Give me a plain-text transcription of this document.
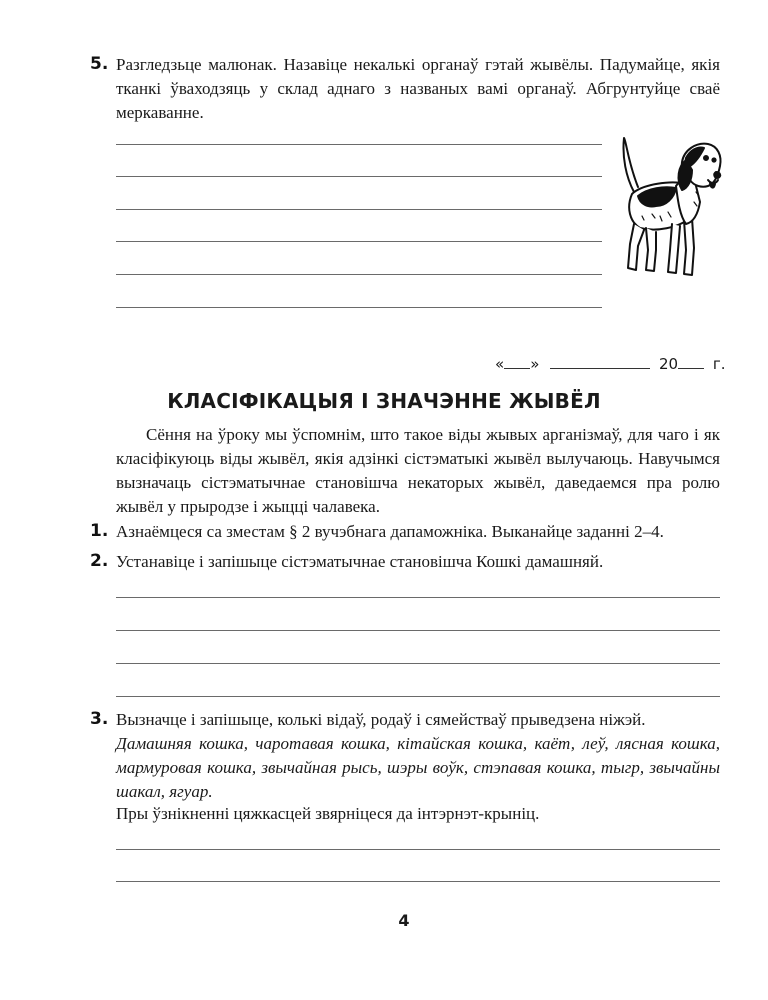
5. Разгледзьце малюнак. Назавіце некалькі органаў гэтай жывёлы. Падумайце, якія тканкі ўваходзяць у склад аднаго з названых вамі органаў. Абгрунтуйце сваё меркаванне.
« »	20 г.
КЛАСІФІКАЦЫЯ І ЗНАЧЭННЕ ЖЫВЁЛ
Сёння на ўроку мы ўспомнім, што такое віды жывых арганізмаў, для чаго і як класіфікуюць віды жывёл, якія адзінкі сістэматыкі жывёл вылучаюць. Навучымся вызначаць сістэматычнае становішча некаторых жывёл, даведаемся пра ролю жывёл у прыродзе і жыцці чалавека.
1. Азнаёмцеся са зместам § 2 вучэбнага дапаможніка. Выканайце заданні 2–4.
2. Устанавіце і запішыце сістэматычнае становішча Кошкі дамашняй.
3. Вызначце і запішыце, колькі відаў, родаў і сямействаў прыведзена ніжэй.
Дамашняя кошка, чаротавая кошка, кітайская кошка, каёт, леў, лясная кошка, мармуровая кошка, звычайная рысь, шэры воўк, стэпавая кошка, тыгр, звычайны шакал, ягуар.
Пры ўзнікненні цяжкасцей звярніцеся да інтэрнэт-крыніц.
4
